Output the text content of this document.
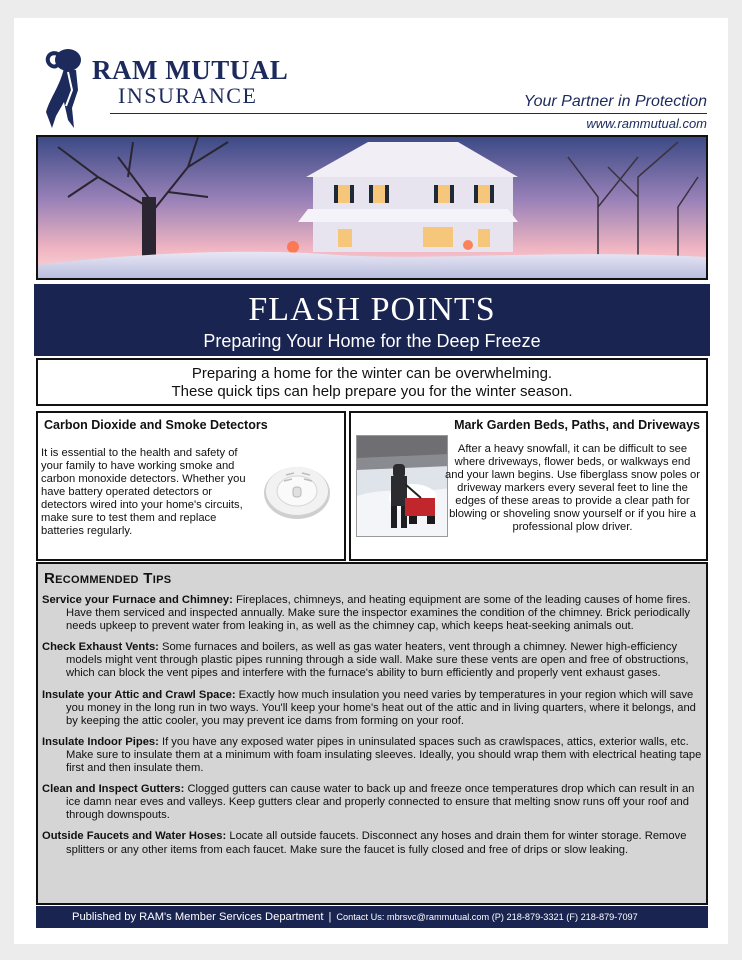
RAM MUTUAL
INSURANCE	Your Partner in Protection
www.rammutual.com
FLASH POINTS
Preparing Your Home for the Deep Freeze
Preparing a home for the winter can be overwhelming.
These quick tips can help prepare you for the winter season.
Carbon Dioxide and Smoke Detectors
It is essential to the health and safety of your family to have working smoke and carbon monoxide detectors. Whether you have battery operated detectors or detectors wired into your home's circuits, make sure to test them and replace batteries regularly.
Mark Garden Beds, Paths, and Driveways
After a heavy snowfall, it can be difficult to see where driveways, flower beds, or walkways end and your lawn begins. Use fiberglass snow poles or driveway markers every several feet to line the edges of these areas to provide a clear path for blowing or shoveling snow yourself or if you hire a professional plow driver.
Recommended Tips
Service your Furnace and Chimney: Fireplaces, chimneys, and heating equipment are some of the leading causes of home fires. Have them serviced and inspected annually. Make sure the inspector examines the condition of the chimney. Brick periodically needs upkeep to prevent water from leaking in, as well as the chimney cap, which keeps heat-seeking animals out.
Check Exhaust Vents: Some furnaces and boilers, as well as gas water heaters, vent through a chimney. Newer high-efficiency models might vent through plastic pipes running through a side wall. Make sure these vents are open and free of obstructions, which can block the vent pipes and interfere with the furnace's ability to burn efficiently and properly vent exhaust gases.
Insulate your Attic and Crawl Space: Exactly how much insulation you need varies by temperatures in your region which will save you money in the long run in two ways. You'll keep your home's heat out of the attic and in living quarters, where it belongs, and by keeping the attic cooler, you may prevent ice dams from forming on your roof.
Insulate Indoor Pipes: If you have any exposed water pipes in uninsulated spaces such as crawlspaces, attics, exterior walls, etc. Make sure to insulate them at a minimum with foam insulating sleeves. Ideally, you should wrap them with electrical heating tape first and then insulate them.
Clean and Inspect Gutters: Clogged gutters can cause water to back up and freeze once temperatures drop which can result in an ice damn near eves and valleys. Keep gutters clear and properly connected to ensure that melting snow runs off your roof and through downspouts.
Outside Faucets and Water Hoses: Locate all outside faucets. Disconnect any hoses and drain them for winter storage. Remove splitters or any other items from each faucet. Make sure the faucet is fully closed and free of drips or slow leaking.
Published by RAM's Member Services Department | Contact Us: mbrsvc@rammutual.com (P) 218-879-3321 (F) 218-879-7097
